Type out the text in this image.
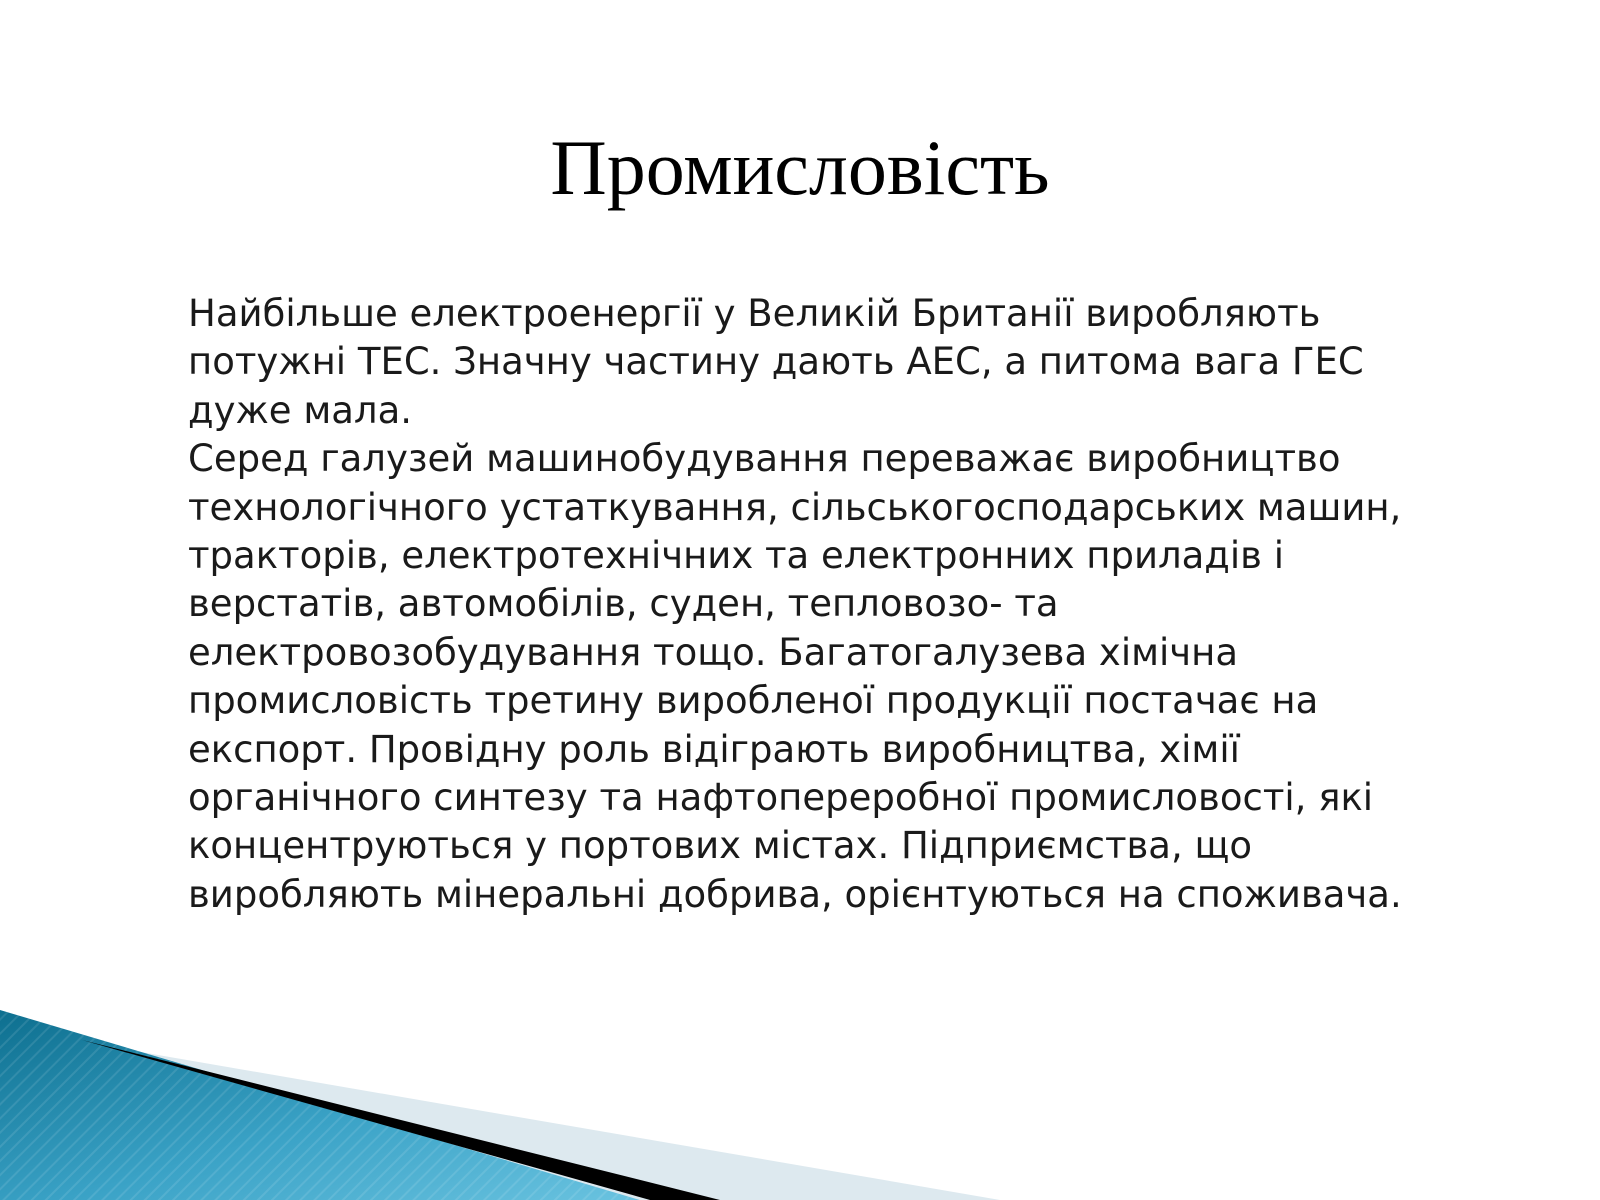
Промисловість

Найбільше електроенергії у Великій Британії виробляють

потужні ТЕС. Значну частину дають АЕС, а питома вага ГЕС

дуже мала.

Серед галузей машинобудування переважає виробництво

технологічного устаткування, сільськогосподарських машин,

тракторів, електротехнічних та електронних приладів і

верстатів, автомобілів, суден, тепловозо- та

електровозобудування тощо. Багатогалузева хімічна

промисловість третину виробленої продукції постачає на

експорт. Провідну роль відіграють виробництва, хімії

органічного синтезу та нафтопереробної промисловості, які

концентруються у портових містах. Підприємства, що

виробляють мінеральні добрива, орієнтуються на споживача.
